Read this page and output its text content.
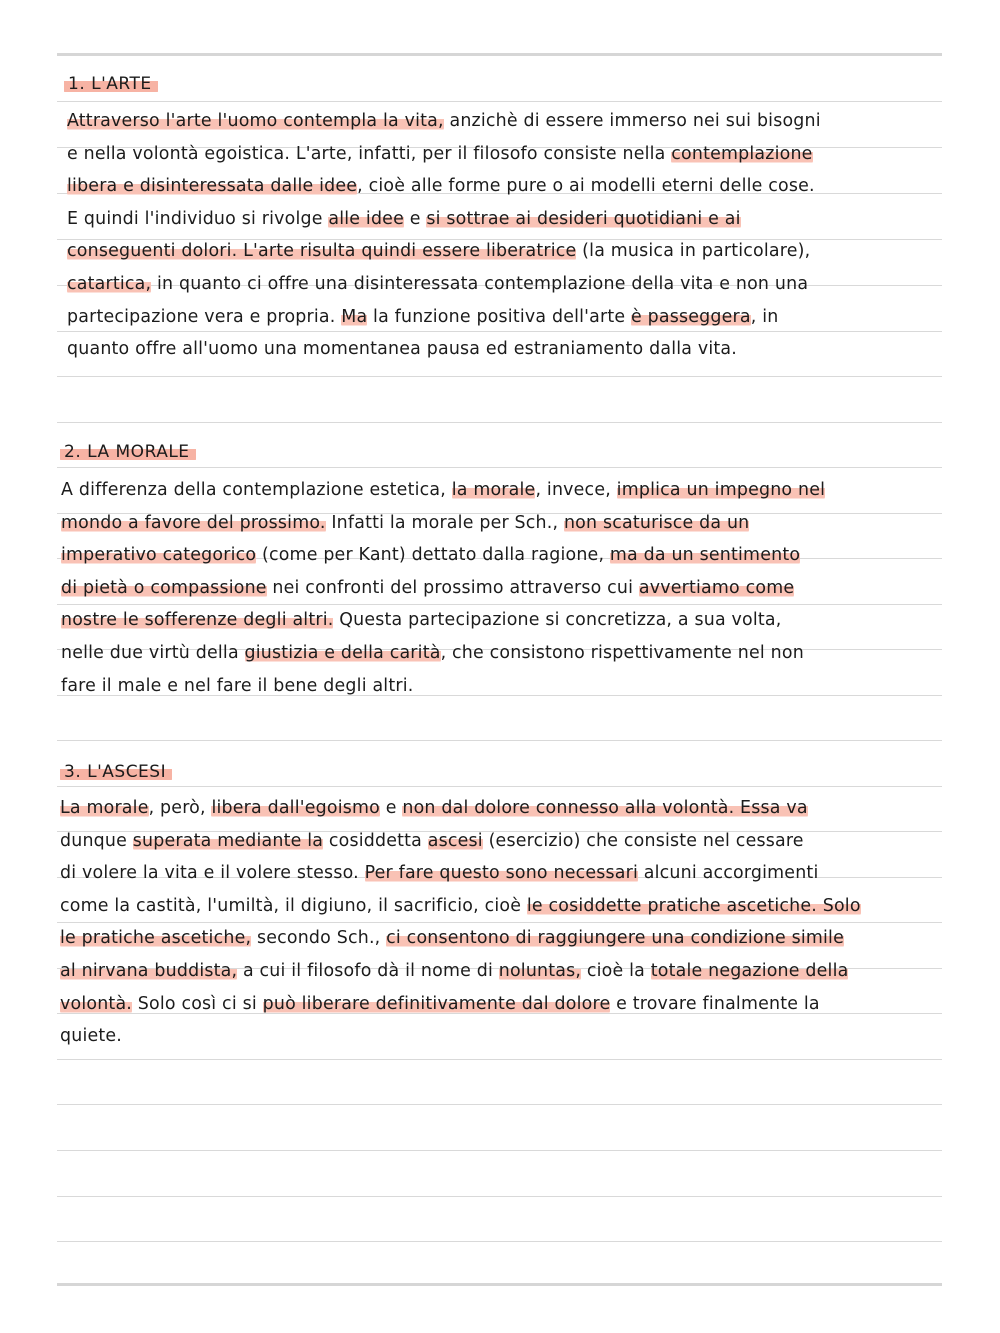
1. L'ARTE
Attraverso l'arte l'uomo contempla la vita, anzichè di essere immerso nei sui bisogni
e nella volontà egoistica. L'arte, infatti, per il filosofo consiste nella contemplazione
libera e disinteressata dalle idee, cioè alle forme pure o ai modelli eterni delle cose.
E quindi l'individuo si rivolge alle idee e si sottrae ai desideri quotidiani e ai
conseguenti dolori. L'arte risulta quindi essere liberatrice (la musica in particolare),
catartica, in quanto ci offre una disinteressata contemplazione della vita e non una
partecipazione vera e propria. Ma la funzione positiva dell'arte è passeggera, in
quanto offre all'uomo una momentanea pausa ed estraniamento dalla vita.
2. LA MORALE
A differenza della contemplazione estetica, la morale, invece, implica un impegno nel
mondo a favore del prossimo. Infatti la morale per Sch., non scaturisce da un
imperativo categorico (come per Kant) dettato dalla ragione, ma da un sentimento
di pietà o compassione nei confronti del prossimo attraverso cui avvertiamo come
nostre le sofferenze degli altri. Questa partecipazione si concretizza, a sua volta,
nelle due virtù della giustizia e della carità, che consistono rispettivamente nel non
fare il male e nel fare il bene degli altri.
3. L'ASCESI
La morale, però, libera dall'egoismo e non dal dolore connesso alla volontà. Essa va
dunque superata mediante la cosiddetta ascesi (esercizio) che consiste nel cessare
di volere la vita e il volere stesso. Per fare questo sono necessari alcuni accorgimenti
come la castità, l'umiltà, il digiuno, il sacrificio, cioè le cosiddette pratiche ascetiche. Solo
le pratiche ascetiche, secondo Sch., ci consentono di raggiungere una condizione simile
al nirvana buddista, a cui il filosofo dà il nome di noluntas, cioè la totale negazione della
volontà. Solo così ci si può liberare definitivamente dal dolore e trovare finalmente la
quiete.
